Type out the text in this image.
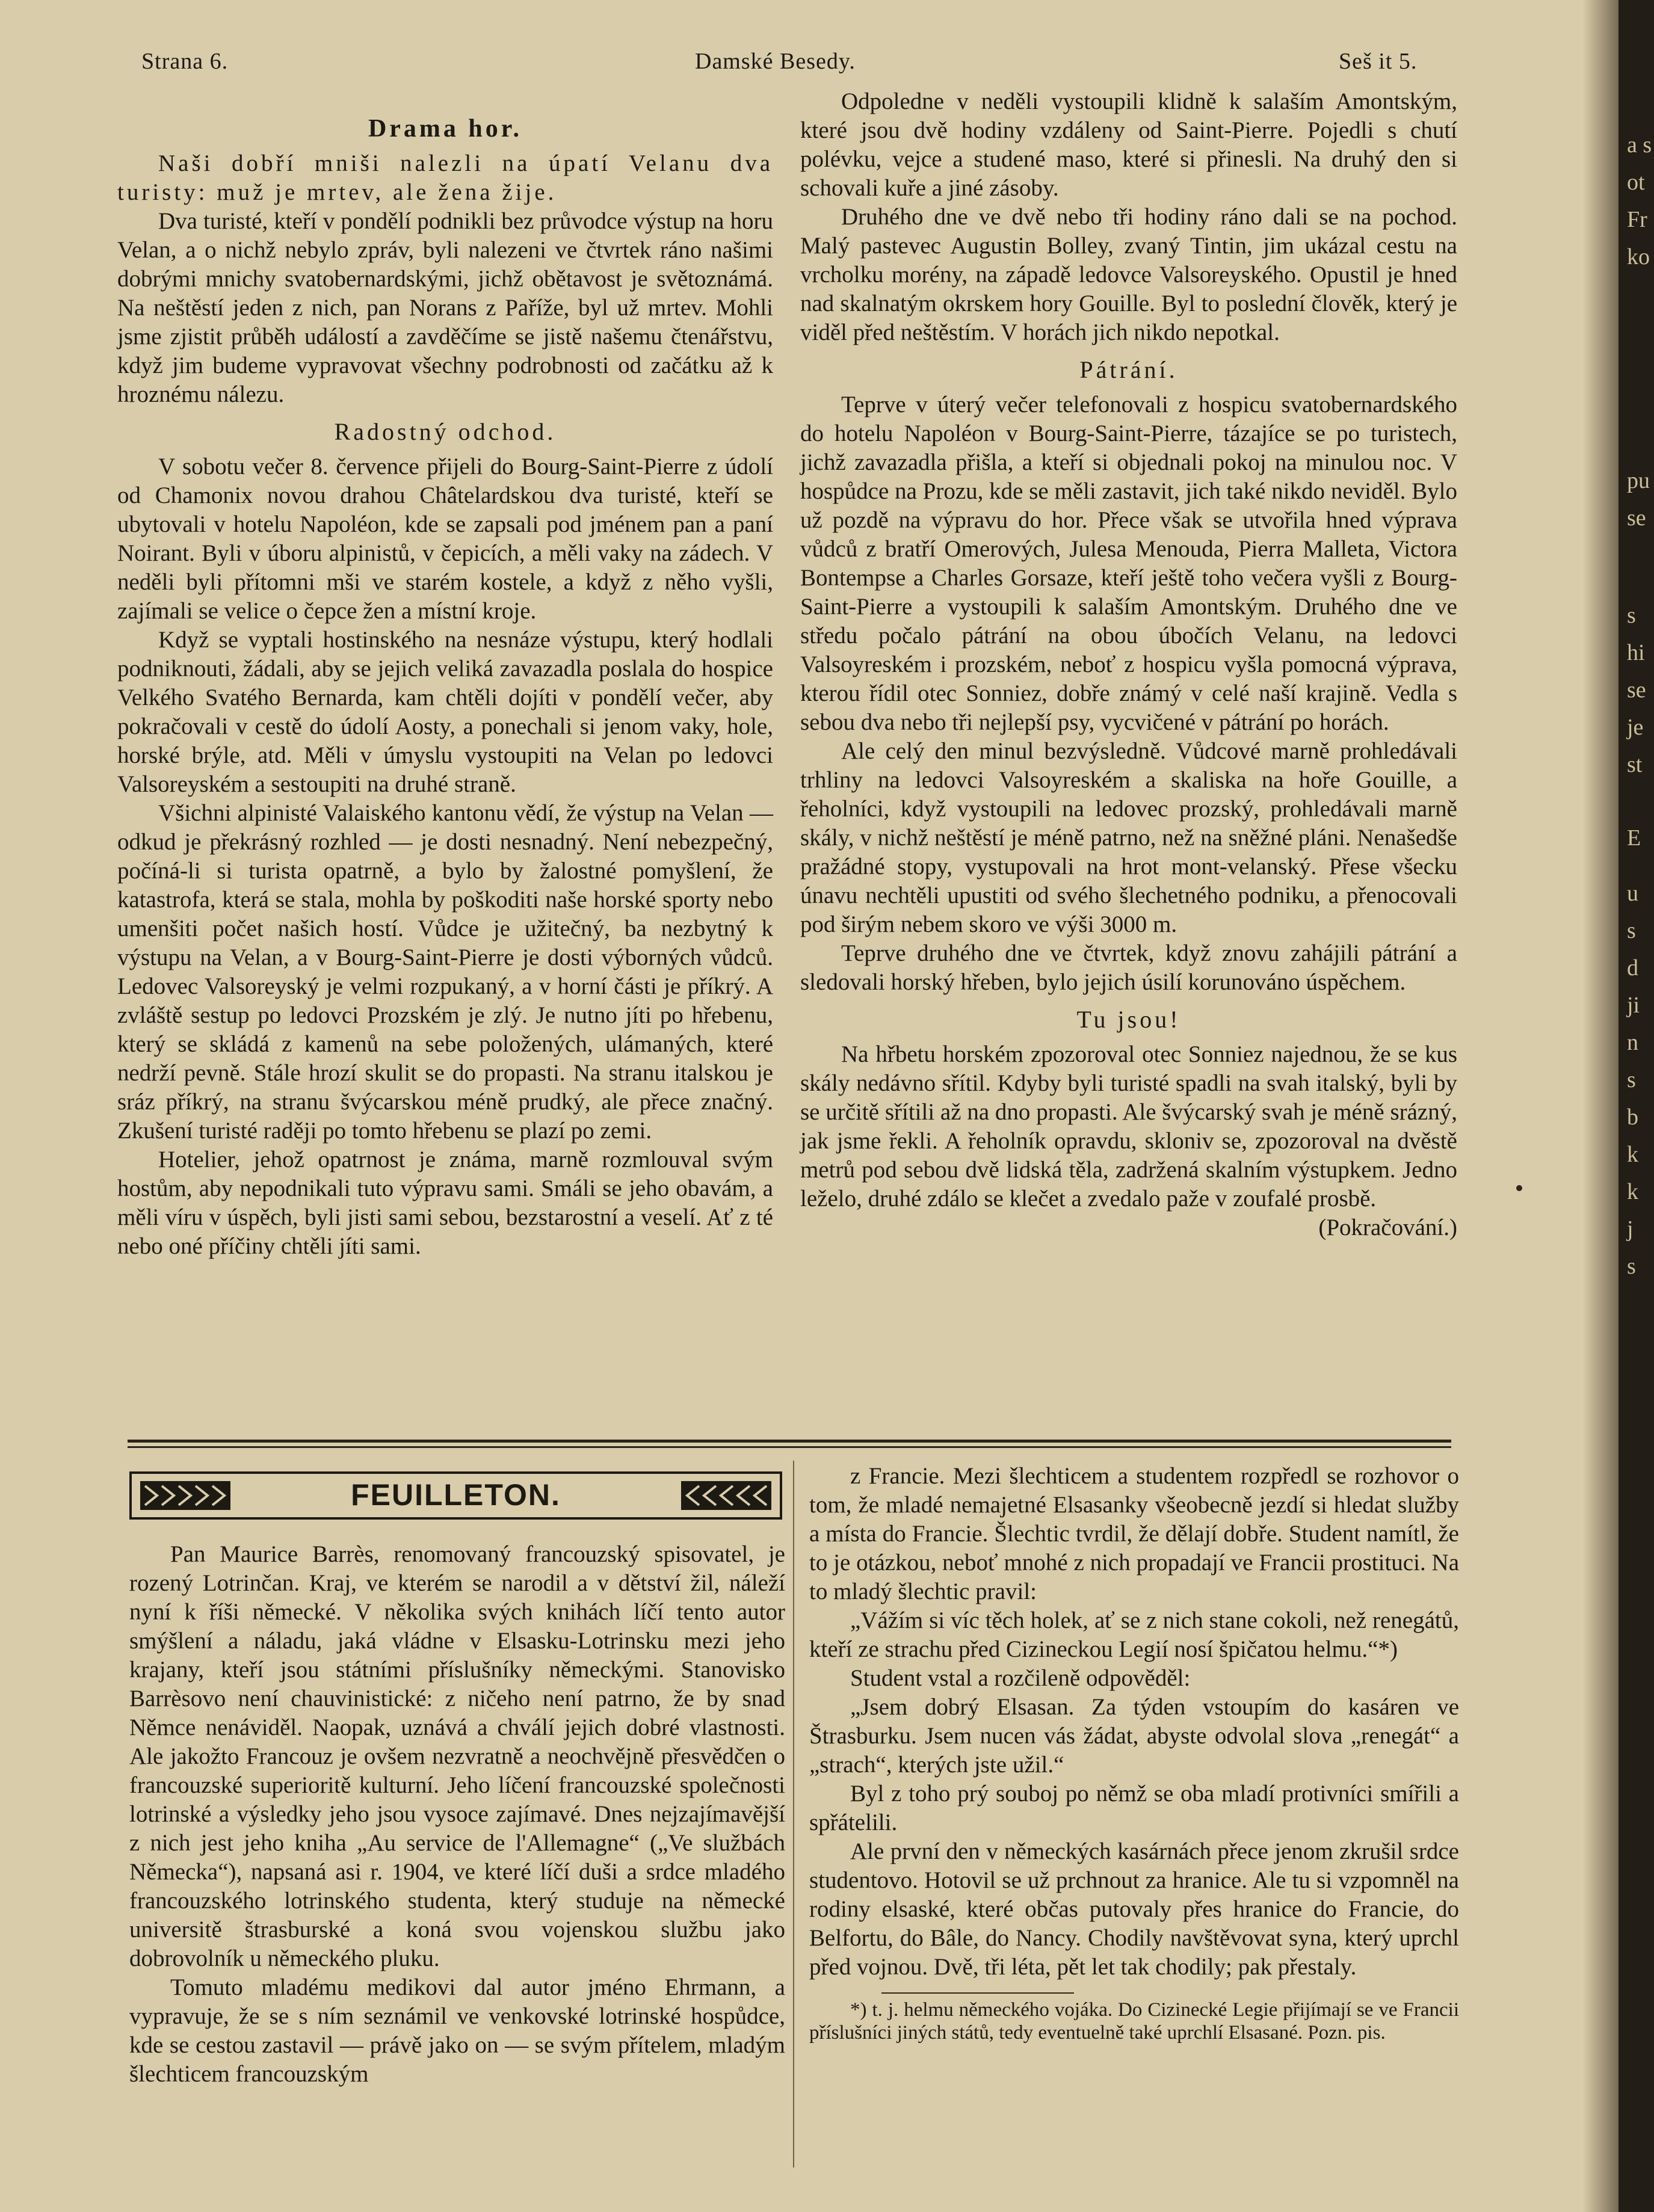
Strana 6.	Damské Besedy.	Seš it 5.
Drama hor.

Naši dobří mniši nalezli na úpatí Velanu dva turisty: muž je mrtev, ale žena žije.

Dva turisté, kteří v pondělí podnikli bez průvodce výstup na horu Velan, a o nichž nebylo zpráv, byli nalezeni ve čtvrtek ráno našimi dobrými mnichy svatobernardskými, jichž obětavost je světoznámá. Na neštěstí jeden z nich, pan Norans z Paříže, byl už mrtev. Mohli jsme zjistit průběh událostí a zavděčíme se jistě našemu čtenářstvu, když jim budeme vypravovat všechny podrobnosti od začátku až k hroznému nálezu.

Radostný odchod.

V sobotu večer 8. července přijeli do Bourg-Saint-Pierre z údolí od Chamonix novou drahou Châtelardskou dva turisté, kteří se ubytovali v hotelu Napoléon, kde se zapsali pod jménem pan a paní Noirant. Byli v úboru alpinistů, v čepicích, a měli vaky na zádech. V neděli byli přítomni mši ve starém kostele, a když z něho vyšli, zajímali se velice o čepce žen a místní kroje.

Když se vyptali hostinského na nesnáze výstupu, který hodlali podniknouti, žádali, aby se jejich veliká zavazadla poslala do hospice Velkého Svatého Bernarda, kam chtěli dojíti v pondělí večer, aby pokračovali v cestě do údolí Aosty, a ponechali si jenom vaky, hole, horské brýle, atd. Měli v úmyslu vystoupiti na Velan po ledovci Valsoreyském a sestoupiti na druhé straně.

Všichni alpinisté Valaiského kantonu vědí, že výstup na Velan — odkud je překrásný rozhled — je dosti nesnadný. Není nebezpečný, počíná-li si turista opatrně, a bylo by žalostné pomyšlení, že katastrofa, která se stala, mohla by poškoditi naše horské sporty nebo umenšiti počet našich hostí. Vůdce je užitečný, ba nezbytný k výstupu na Velan, a v Bourg-Saint-Pierre je dosti výborných vůdců. Ledovec Valsoreyský je velmi rozpukaný, a v horní části je příkrý. A zvláště sestup po ledovci Prozském je zlý. Je nutno jíti po hřebenu, který se skládá z kamenů na sebe položených, ulámaných, které nedrží pevně. Stále hrozí skulit se do propasti. Na stranu italskou je sráz příkrý, na stranu švýcarskou méně prudký, ale přece značný. Zkušení turisté raději po tomto hřebenu se plazí po zemi.

Hotelier, jehož opatrnost je známa, marně rozmlouval svým hostům, aby nepodnikali tuto výpravu sami. Smáli se jeho obavám, a měli víru v úspěch, byli jisti sami sebou, bezstarostní a veselí. Ať z té nebo oné příčiny chtěli jíti sami.

Odpoledne v neděli vystoupili klidně k salaším Amontským, které jsou dvě hodiny vzdáleny od Saint-Pierre. Pojedli s chutí polévku, vejce a studené maso, které si přinesli. Na druhý den si schovali kuře a jiné zásoby.

Druhého dne ve dvě nebo tři hodiny ráno dali se na pochod. Malý pastevec Augustin Bolley, zvaný Tintin, jim ukázal cestu na vrcholku morény, na západě ledovce Valsoreyského. Opustil je hned nad skalnatým okrskem hory Gouille. Byl to poslední člověk, který je viděl před neštěstím. V horách jich nikdo nepotkal.

Pátrání.

Teprve v úterý večer telefonovali z hospicu svatobernardského do hotelu Napoléon v Bourg-Saint-Pierre, tázajíce se po turistech, jichž zavazadla přišla, a kteří si objednali pokoj na minulou noc. V hospůdce na Prozu, kde se měli zastavit, jich také nikdo neviděl. Bylo už pozdě na výpravu do hor. Přece však se utvořila hned výprava vůdců z bratří Omerových, Julesa Menouda, Pierra Malleta, Victora Bontempse a Charles Gorsaze, kteří ještě toho večera vyšli z Bourg-Saint-Pierre a vystoupili k salaším Amontským. Druhého dne ve středu počalo pátrání na obou úbočích Velanu, na ledovci Valsoyreském i prozském, neboť z hospicu vyšla pomocná výprava, kterou řídil otec Sonniez, dobře známý v celé naší krajině. Vedla s sebou dva nebo tři nejlepší psy, vycvičené v pátrání po horách.

Ale celý den minul bezvýsledně. Vůdcové marně prohledávali trhliny na ledovci Valsoyreském a skaliska na hoře Gouille, a řeholníci, když vystoupili na ledovec prozský, prohledávali marně skály, v nichž neštěstí je méně patrno, než na sněžné pláni. Nenašedše pražádné stopy, vystupovali na hrot mont-velanský. Přese všecku únavu nechtěli upustiti od svého šlechetného podniku, a přenocovali pod širým nebem skoro ve výši 3000 m.

Teprve druhého dne ve čtvrtek, když znovu zahájili pátrání a sledovali horský hřeben, bylo jejich úsilí korunováno úspěchem.

Tu jsou!

Na hřbetu horském zpozoroval otec Sonniez najednou, že se kus skály nedávno sřítil. Kdyby byli turisté spadli na svah italský, byli by se určitě sřítili až na dno propasti. Ale švýcarský svah je méně srázný, jak jsme řekli. A řeholník opravdu, skloniv se, zpozoroval na dvěstě metrů pod sebou dvě lidská těla, zadržená skalním výstupkem. Jedno leželo, druhé zdálo se klečet a zvedalo paže v zoufalé prosbě.

(Pokračování.)

FEUILLETON.

Pan Maurice Barrès, renomovaný francouzský spisovatel, je rozený Lotrinčan. Kraj, ve kterém se narodil a v dětství žil, náleží nyní k říši německé. V několika svých knihách líčí tento autor smýšlení a náladu, jaká vládne v Elsasku-Lotrinsku mezi jeho krajany, kteří jsou státními příslušníky německými. Stanovisko Barrèsovo není chauvinistické: z ničeho není patrno, že by snad Němce nenáviděl. Naopak, uznává a chválí jejich dobré vlastnosti. Ale jakožto Francouz je ovšem nezvratně a neochvějně přesvědčen o francouzské superioritě kulturní. Jeho líčení francouzské společnosti lotrinské a výsledky jeho jsou vysoce zajímavé. Dnes nejzajímavější z nich jest jeho kniha „Au service de l'Allemagne“ („Ve službách Německa“), napsaná asi r. 1904, ve které líčí duši a srdce mladého francouzského lotrinského studenta, který studuje na německé universitě štrasburské a koná svou vojenskou službu jako dobrovolník u německého pluku.

Tomuto mladému medikovi dal autor jméno Ehrmann, a vypravuje, že se s ním seznámil ve venkovské lotrinské hospůdce, kde se cestou zastavil — právě jako on — se svým přítelem, mladým šlechticem francouzským

z Francie. Mezi šlechticem a studentem rozpředl se rozhovor o tom, že mladé nemajetné Elsasanky všeobecně jezdí si hledat služby a místa do Francie. Šlechtic tvrdil, že dělají dobře. Student namítl, že to je otázkou, neboť mnohé z nich propadají ve Francii prostituci. Na to mladý šlechtic pravil:

„Vážím si víc těch holek, ať se z nich stane cokoli, než renegátů, kteří ze strachu před Cizineckou Legií nosí špičatou helmu.“*)

Student vstal a rozčileně odpověděl:

„Jsem dobrý Elsasan. Za týden vstoupím do kasáren ve Štrasburku. Jsem nucen vás žádat, abyste odvolal slova „renegát“ a „strach“, kterých jste užil.“

Byl z toho prý souboj po němž se oba mladí protivníci smířili a spřátelili.

Ale první den v německých kasárnách přece jenom zkrušil srdce studentovo. Hotovil se už prchnout za hranice. Ale tu si vzpomněl na rodiny elsaské, které občas putovaly přes hranice do Francie, do Belfortu, do Bâle, do Nancy. Chodily navštěvovat syna, který uprchl před vojnou. Dvě, tři léta, pět let tak chodily; pak přestaly.

*) t. j. helmu německého vojáka. Do Cizinecké Legie přijímají se ve Francii příslušníci jiných států, tedy eventuelně také uprchlí Elsasané. Pozn. pis.

a s
ot
Fr
ko
pu
se
s
hi
se
je
st
E
u
s
d
ji
n
s
b
k
k
j
s
